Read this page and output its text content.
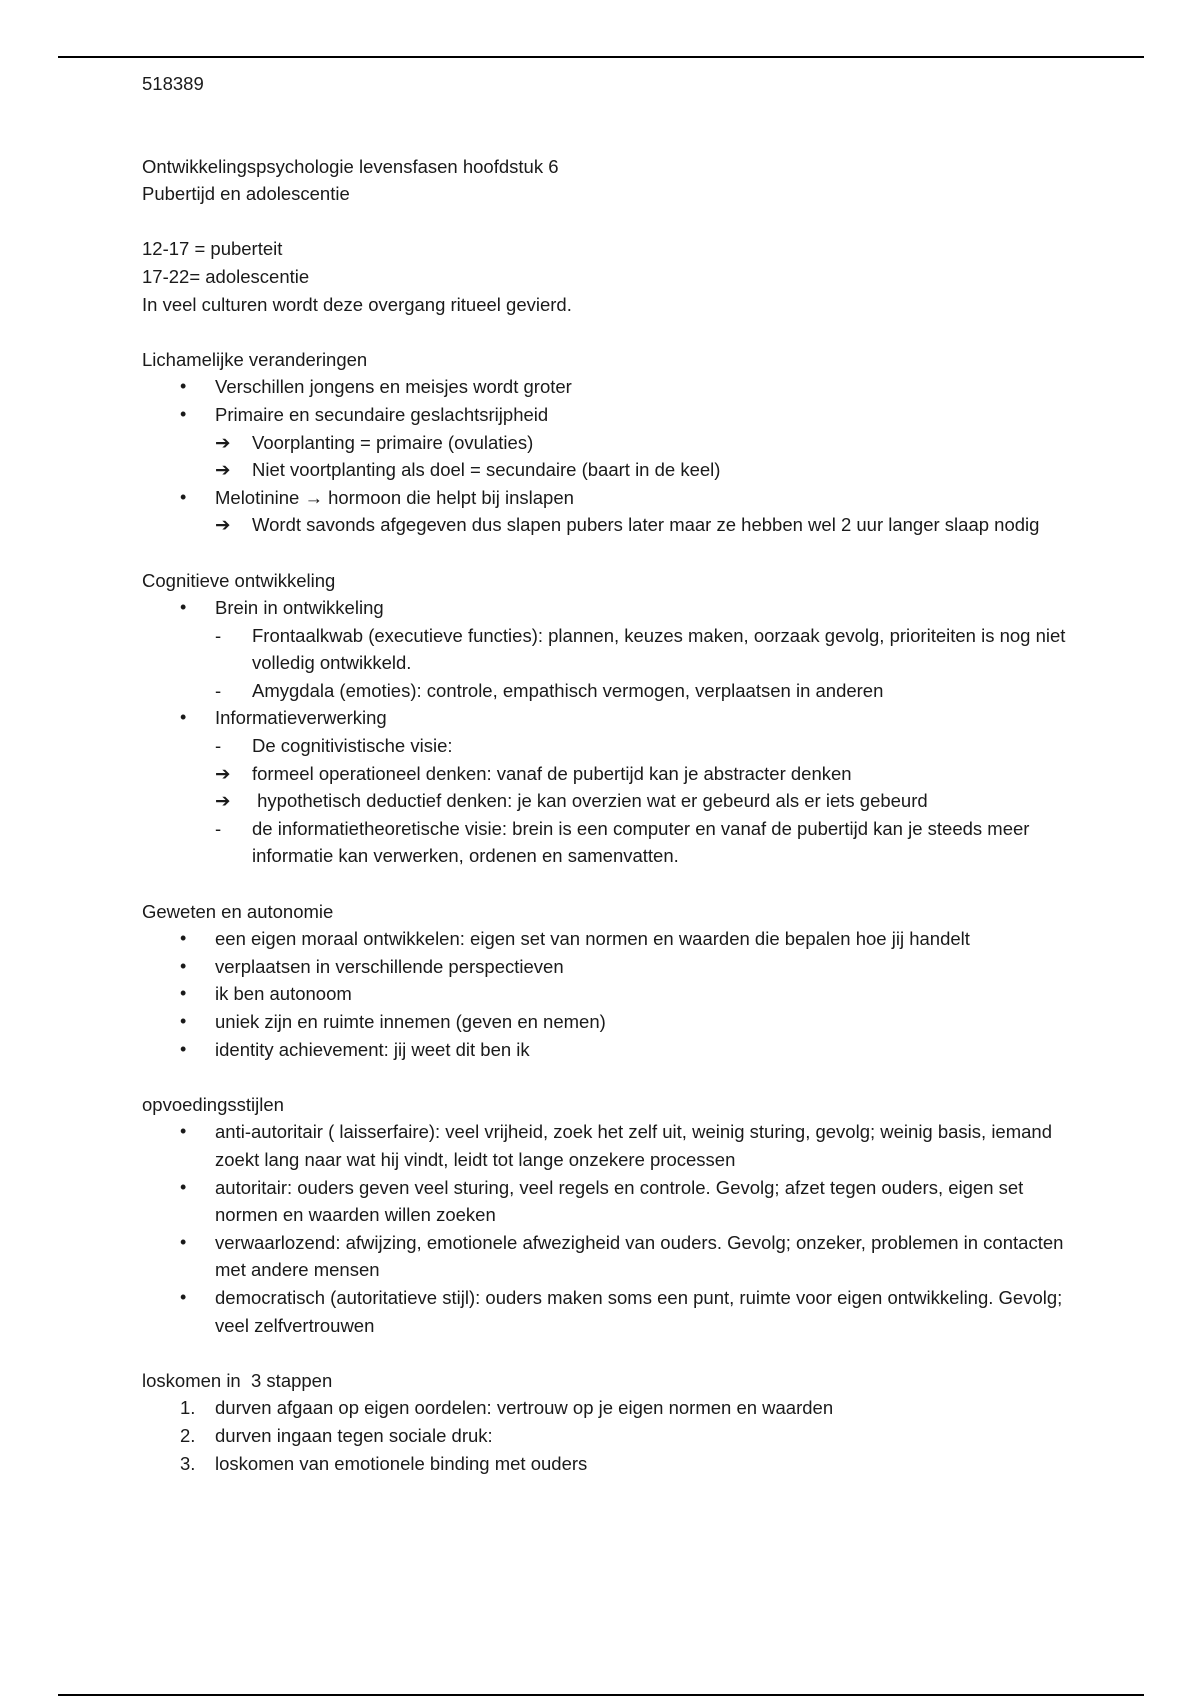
518389

Ontwikkelingspsychologie levensfasen hoofdstuk 6

Pubertijd en adolescentie

12-17 = puberteit

17-22= adolescentie

In veel culturen wordt deze overgang ritueel gevierd.

Lichamelijke veranderingen

• Verschillen jongens en meisjes wordt groter
• Primaire en secundaire geslachtsrijpheid
➔ Voorplanting = primaire (ovulaties)
➔ Niet voortplanting als doel = secundaire (baart in de keel)
• Melotinine → hormoon die helpt bij inslapen
➔ Wordt savonds afgegeven dus slapen pubers later maar ze hebben wel 2 uur langer slaap nodig

Cognitieve ontwikkeling

• Brein in ontwikkeling
- Frontaalkwab (executieve functies): plannen, keuzes maken, oorzaak gevolg, prioriteiten is nog niet volledig ontwikkeld.
- Amygdala (emoties): controle, empathisch vermogen, verplaatsen in anderen
• Informatieverwerking
- De cognitivistische visie:
➔ formeel operationeel denken: vanaf de pubertijd kan je abstracter denken
➔ hypothetisch deductief denken: je kan overzien wat er gebeurd als er iets gebeurd
- de informatietheoretische visie: brein is een computer en vanaf de pubertijd kan je steeds meer informatie kan verwerken, ordenen en samenvatten.

Geweten en autonomie

• een eigen moraal ontwikkelen: eigen set van normen en waarden die bepalen hoe jij handelt
• verplaatsen in verschillende perspectieven
• ik ben autonoom
• uniek zijn en ruimte innemen (geven en nemen)
• identity achievement: jij weet dit ben ik

opvoedingsstijlen

• anti-autoritair ( laisserfaire): veel vrijheid, zoek het zelf uit, weinig sturing, gevolg; weinig basis, iemand zoekt lang naar wat hij vindt, leidt tot lange onzekere processen
• autoritair: ouders geven veel sturing, veel regels en controle. Gevolg; afzet tegen ouders, eigen set normen en waarden willen zoeken
• verwaarlozend: afwijzing, emotionele afwezigheid van ouders. Gevolg; onzeker, problemen in contacten met andere mensen
• democratisch (autoritatieve stijl): ouders maken soms een punt, ruimte voor eigen ontwikkeling. Gevolg; veel zelfvertrouwen

loskomen in  3 stappen

1. durven afgaan op eigen oordelen: vertrouw op je eigen normen en waarden
2. durven ingaan tegen sociale druk:
3. loskomen van emotionele binding met ouders
